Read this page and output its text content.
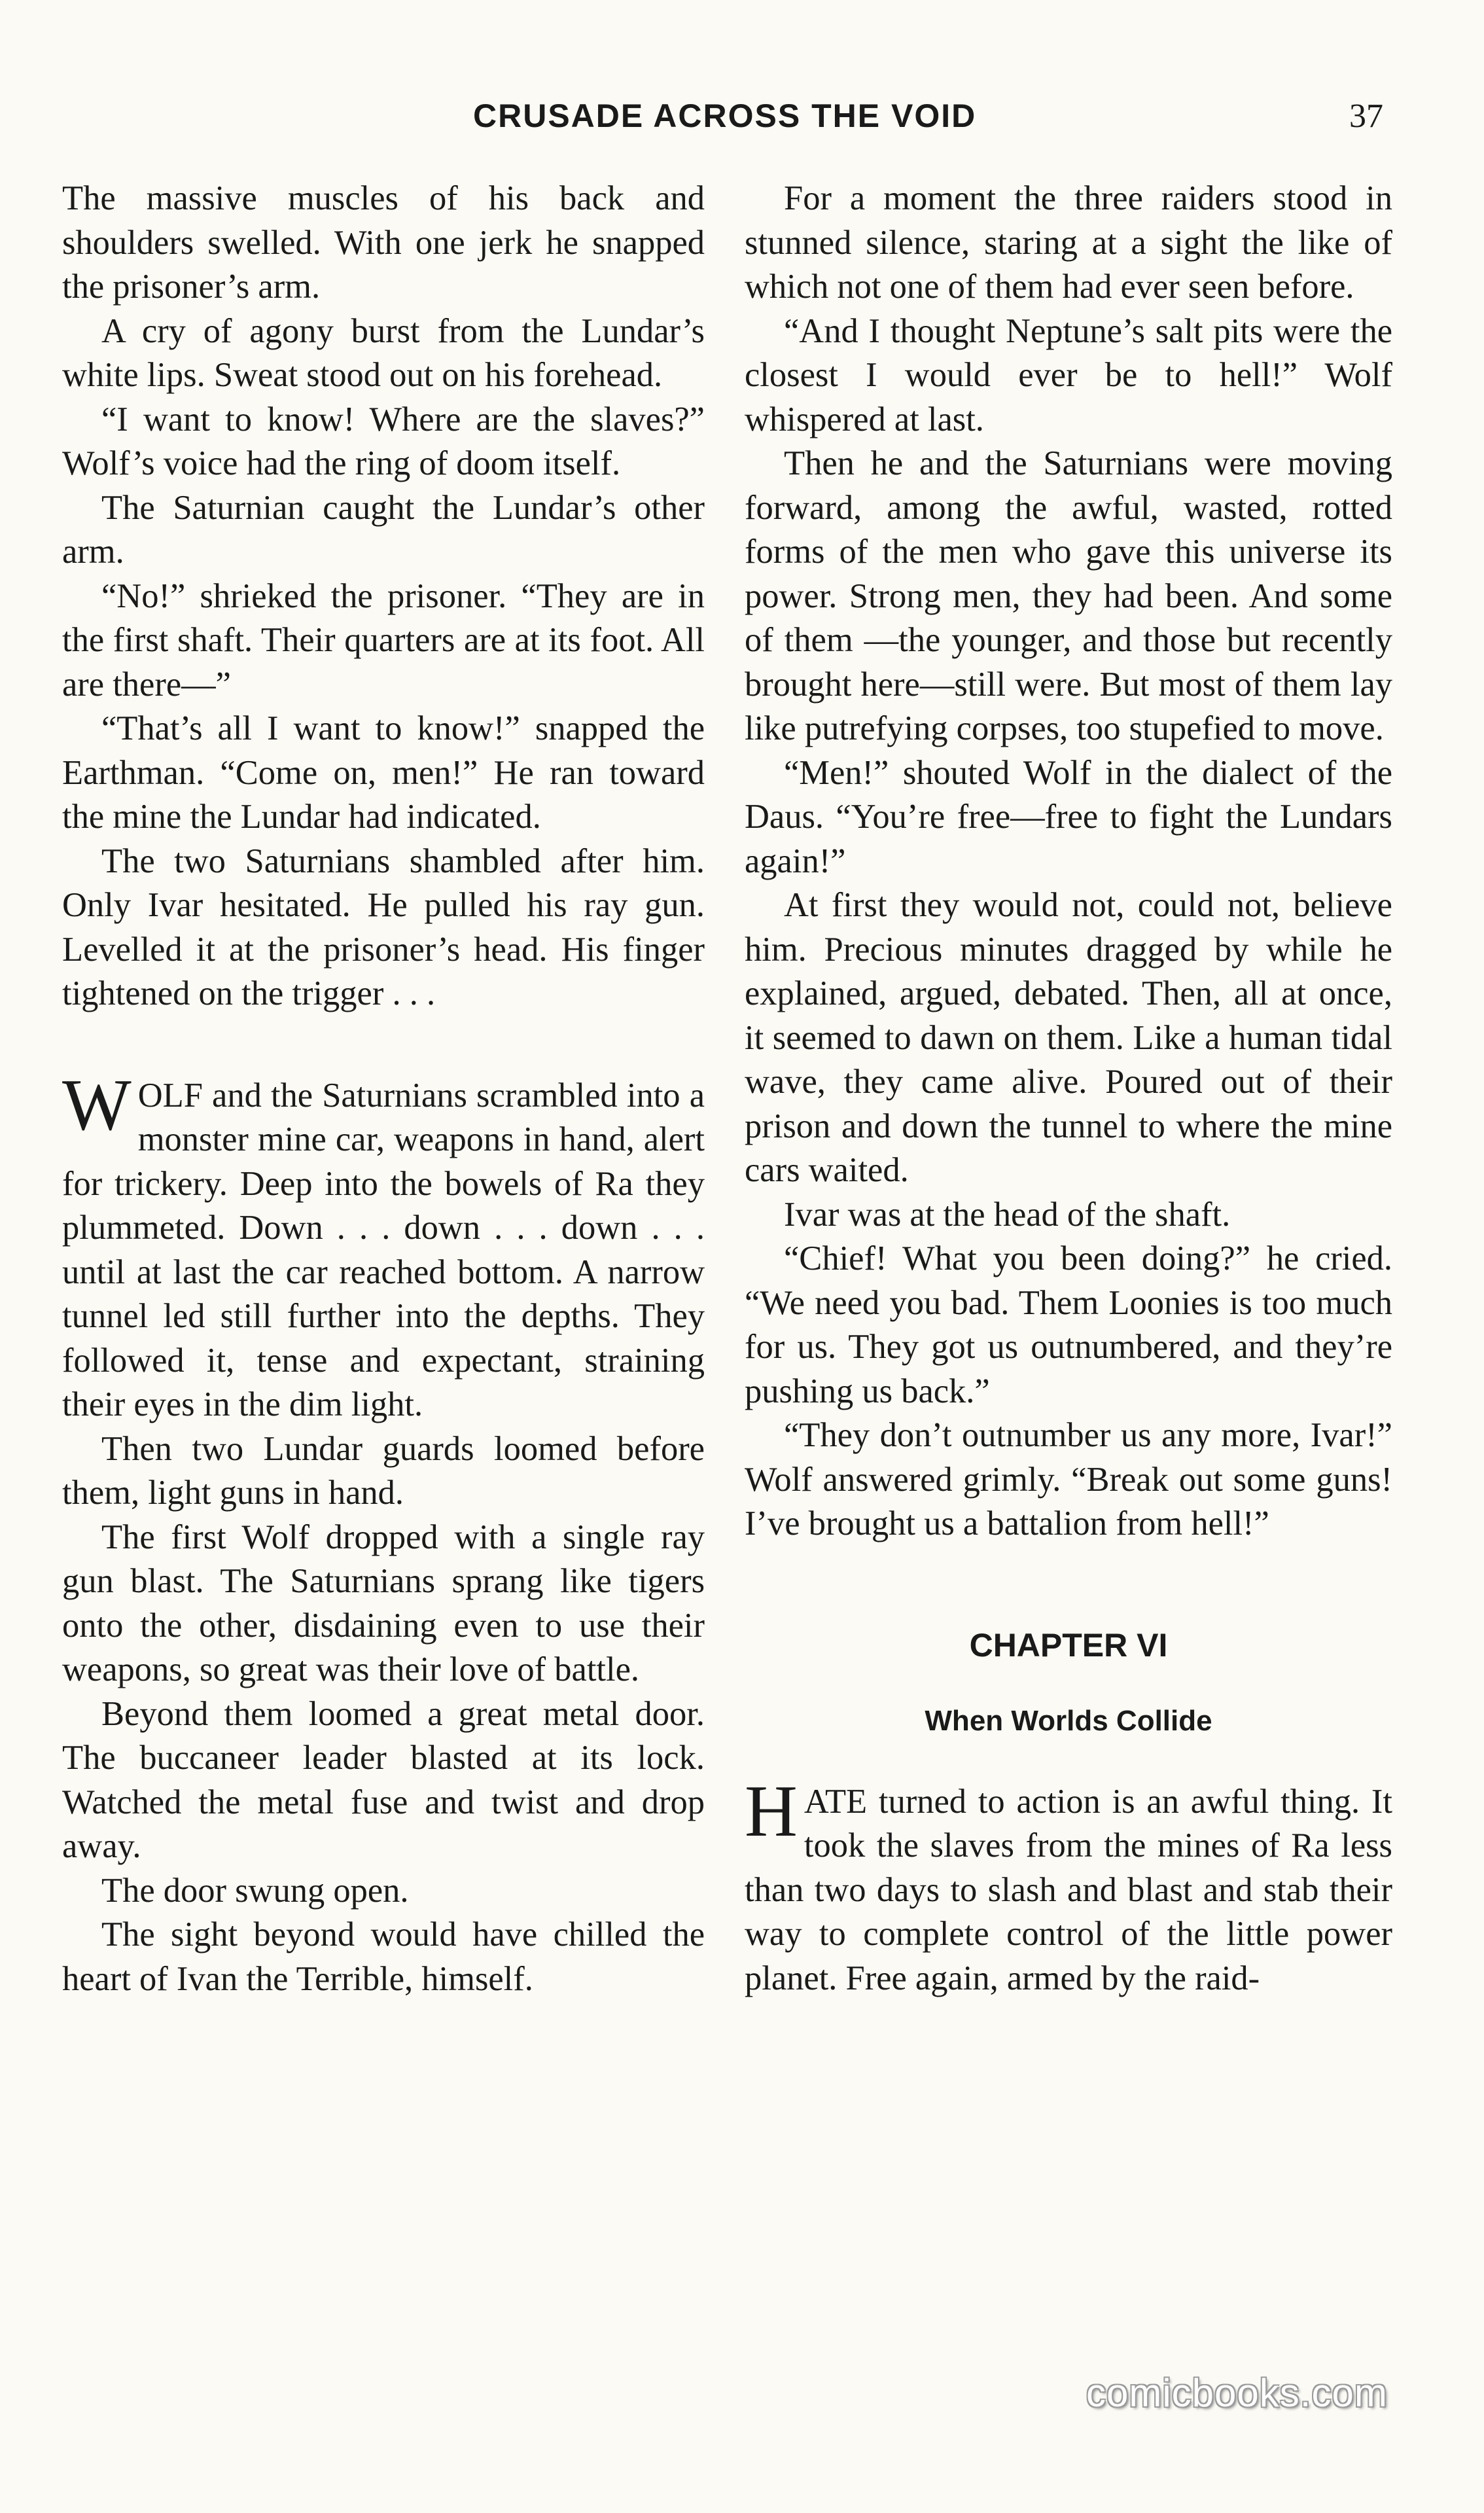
CRUSADE ACROSS THE VOID	37

The massive muscles of his back and shoulders swelled. With one jerk he snapped the prisoner’s arm.

A cry of agony burst from the Lundar’s white lips. Sweat stood out on his forehead.

“I want to know! Where are the slaves?” Wolf’s voice had the ring of doom itself.

The Saturnian caught the Lundar’s other arm.

“No!” shrieked the prisoner. “They are in the first shaft. Their quarters are at its foot. All are there—”

“That’s all I want to know!” snapped the Earthman. “Come on, men!” He ran toward the mine the Lundar had indicated.

The two Saturnians shambled after him. Only Ivar hesitated. He pulled his ray gun. Levelled it at the prisoner’s head. His finger tightened on the trigger . . .

WOLF and the Saturnians scrambled into a monster mine car, weapons in hand, alert for trickery. Deep into the bowels of Ra they plummeted. Down . . . down . . . down . . . until at last the car reached bottom. A narrow tunnel led still further into the depths. They followed it, tense and expectant, straining their eyes in the dim light.

Then two Lundar guards loomed before them, light guns in hand.

The first Wolf dropped with a single ray gun blast. The Saturnians sprang like tigers onto the other, disdaining even to use their weapons, so great was their love of battle.

Beyond them loomed a great metal door. The buccaneer leader blasted at its lock. Watched the metal fuse and twist and drop away.

The door swung open.

The sight beyond would have chilled the heart of Ivan the Terrible, himself.

For a moment the three raiders stood in stunned silence, staring at a sight the like of which not one of them had ever seen before.

“And I thought Neptune’s salt pits were the closest I would ever be to hell!” Wolf whispered at last.

Then he and the Saturnians were moving forward, among the awful, wasted, rotted forms of the men who gave this universe its power. Strong men, they had been. And some of them —the younger, and those but recently brought here—still were. But most of them lay like putrefying corpses, too stupefied to move.

“Men!” shouted Wolf in the dialect of the Daus. “You’re free—free to fight the Lundars again!”

At first they would not, could not, believe him. Precious minutes dragged by while he explained, argued, debated. Then, all at once, it seemed to dawn on them. Like a human tidal wave, they came alive. Poured out of their prison and down the tunnel to where the mine cars waited.

Ivar was at the head of the shaft.

“Chief! What you been doing?” he cried. “We need you bad. Them Loonies is too much for us. They got us outnumbered, and they’re pushing us back.”

“They don’t outnumber us any more, Ivar!” Wolf answered grimly. “Break out some guns! I’ve brought us a battalion from hell!”

CHAPTER VI
When Worlds Collide

HATE turned to action is an awful thing. It took the slaves from the mines of Ra less than two days to slash and blast and stab their way to complete control of the little power planet. Free again, armed by the raid-

comicbooks.com
